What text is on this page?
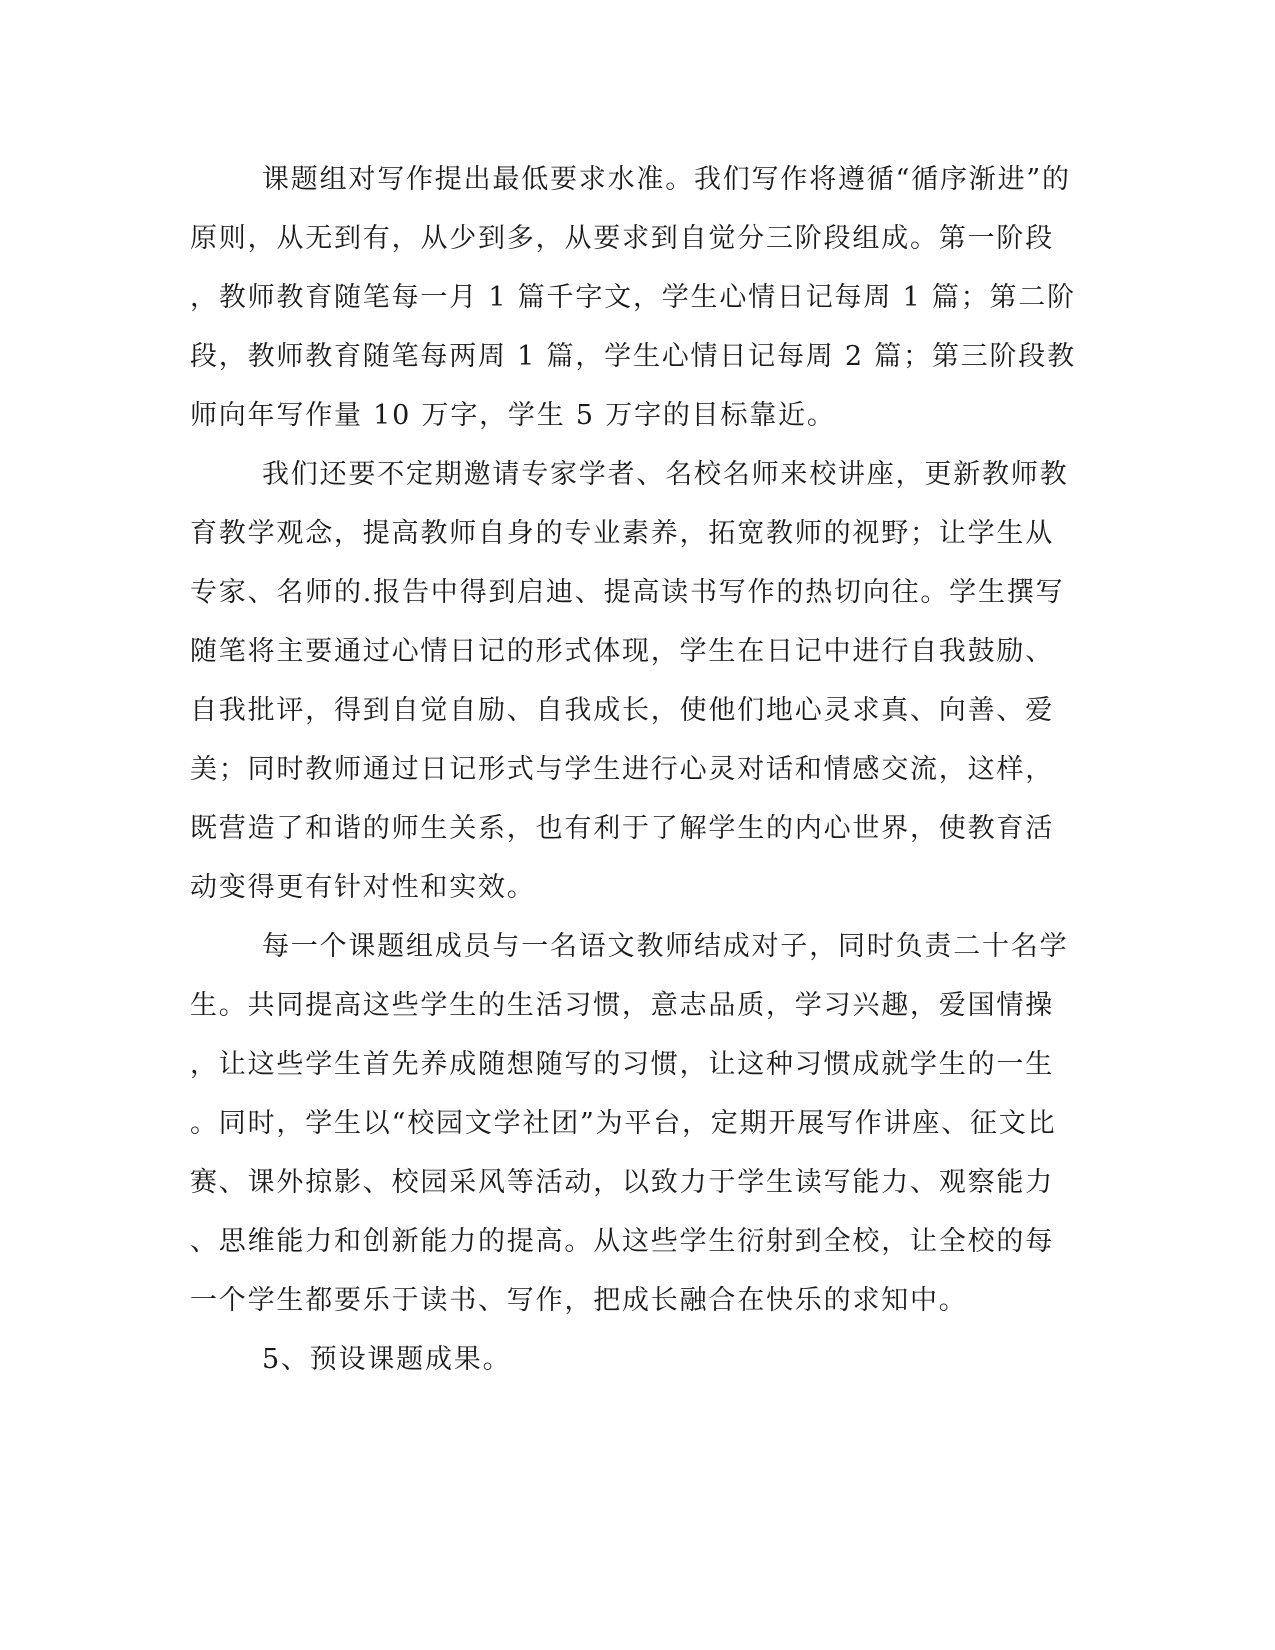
课题组对写作提出最低要求水准。我们写作将遵循“循序渐进”的
原则，从无到有，从少到多，从要求到自觉分三阶段组成。第一阶段
，教师教育随笔每一月 1 篇千字文，学生心情日记每周 1 篇；第二阶
段，教师教育随笔每两周 1 篇，学生心情日记每周 2 篇；第三阶段教
师向年写作量 10 万字，学生 5 万字的目标靠近。
我们还要不定期邀请专家学者、名校名师来校讲座，更新教师教
育教学观念，提高教师自身的专业素养，拓宽教师的视野；让学生从
专家、名师的.报告中得到启迪、提高读书写作的热切向往。学生撰写
随笔将主要通过心情日记的形式体现，学生在日记中进行自我鼓励、
自我批评，得到自觉自励、自我成长，使他们地心灵求真、向善、爱
美；同时教师通过日记形式与学生进行心灵对话和情感交流，这样，
既营造了和谐的师生关系，也有利于了解学生的内心世界，使教育活
动变得更有针对性和实效。
每一个课题组成员与一名语文教师结成对子，同时负责二十名学
生。共同提高这些学生的生活习惯，意志品质，学习兴趣，爱国情操
，让这些学生首先养成随想随写的习惯，让这种习惯成就学生的一生
。同时，学生以“校园文学社团”为平台，定期开展写作讲座、征文比
赛、课外掠影、校园采风等活动，以致力于学生读写能力、观察能力
、思维能力和创新能力的提高。从这些学生衍射到全校，让全校的每
一个学生都要乐于读书、写作，把成长融合在快乐的求知中。
5、预设课题成果。
